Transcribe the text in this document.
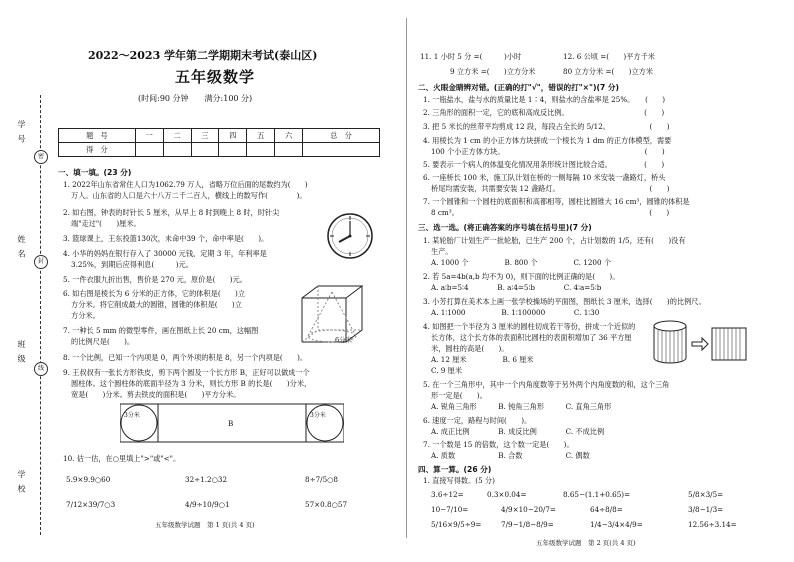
学 号
姓 名
班 级
学 校
密
封
线
2022～2023 学年第二学期期末考试(泰山区)
五年级数学
(时间:90 分钟　　满分:100 分)
题　号	一	二	三	四	五	六	总　分
得　分							
一、填一填。(23 分)
1. 2022年山东省常住人口为1062.79 万人，省略万位后面的尾数约为(　　)
万人。山东省的人口是六十八万二千二百人，横线上的数写作(　　　　)。
2. 如右图，钟表的时针长 5 厘米，从早上 8 时到晚上 8 时，时针尖
端"走过"(　　)厘米。
3. 篮球课上，王东投篮130次，未命中39 个，命中率是(　　)。
4. 小华的妈妈在银行存入了 30000 元钱，定期 3 年，年利率是
3.25%，到期后应得利息(　　　)元。
5. 一件衣服九折出售，售价是 270 元，原价是(　　)元。
6. 如右图是棱长为 6 分米的正方体，它的体积是(　　)立
方分米。将它削成最大的圆锥，圆锥的体积是(　　)立
方分米。
7. 一种长 5 mm 的微型零件，画在图纸上长 20 cm，这幅图
的比例尺是(　　)。
8. 一个比例，已知一个内项是 0，两个外项的积是 8，另一个内项是(　　)。
9. 王叔叔有一张长方形铁皮，剪下两个圆及一个长方形 B，正好可以做成一个
圆柱体。这个圆柱体的底面半径为 3 分米，则长方形 B 的长是(　　)分米，
宽是(　　)分米。剪去铁皮的面积是(　　)平方分米。
6分米
3分米	3分米
B
10. 估一估，在○里填上">"或"<"。
5.9×9.9○60	32÷1.2○32	8÷7/5○8
7/12×39/7○3	4/9÷10/9○1	57×0.8○57
五年级数学试题　第 1 页(共 4 页)
11. 1 小时 5 分 =(　　　)小时	12. 6 公顷 =(　　)平方千米
9 立方米 =(　　)立方分米	80 立方分米 =(　　)立方米
二、火眼金睛辨对错。(正确的打"√"，错误的打"×")(7 分)
1. 一瓶盐水，盐与水的质量比是 1∶4，则盐水的含盐率是 25%。　　(　　)
2. 三角形的面积一定，它的底和高成反比例。　　　　　　　　　　　(　　)
3. 把 5 米长的丝带平均剪成 12 段，每段占全长的 5/12。　　　　　　(　　)
4. 用棱长为 1 cm 的小正方体方块拼成一个棱长为 1 dm 的正方体模型，需要
100 个小正方体方块。　　　　　　　　　　　　　　　　　　　　(　　)
5. 要表示一个病人的体温变化情况用条形统计图比较合适。　　　　　(　　)
6. 一座桥长 100 米，施工队计划在桥的一侧每隔 10 米安装一盏路灯，桥头
桥尾均需安装，共需要安装 12 盏路灯。　　　　　　　　　　　　　(　　)
7. 一个圆锥和一个圆柱的底面积和高都相等，圆柱比圆锥大 16 cm³，圆锥的体积是
8 cm³。　　　　　　　　　　　　　　　　　　　　　　　　　　　(　　)
三、选一选。(将正确答案的序号填在括号里)(7 分)
1. 某轮胎厂计划生产一批轮胎，已生产 200 个，占计划数的 1/5，还有(　　)没有
生产。
A. 1000 个　　　　　B. 800 个　　　　　C. 1200 个
2. 若 5a=4b(a,b 均不为 0)，则下面的比例正确的是(　　)。
A. a∶b=5∶4　　　　B. a∶4=5∶b　　　　C. 4∶a=5∶b
3. 小芳打算在美术本上画一张学校操场的平面图，图纸长 3 厘米，选择(　　)的比例尺。
A. 1∶1000　　　　　B. 1∶100000　　　　C. 1∶30
4. 如图把一个半径为 3 厘米的圆柱切成若干等份，拼成一个近似的
长方体，这个长方体的表面积比圆柱的表面积增加了 36 平方厘
米，圆柱的高是(　　)。
A. 12 厘米　　　　　B. 6 厘米
C. 9 厘米
5. 在一个三角形中，其中一个内角度数等于另外两个内角度数的和，这个三角
形一定是(　　)。
A. 锐角三角形　　　B. 钝角三角形　　　C. 直角三角形
6. 速度一定，路程与时间(　　)。
A. 成正比例　　　　B. 成反比例　　　　C. 不成比例
7. 一个数是 15 的倍数，这个数一定是(　　)。
A. 质数　　　　　　B. 合数　　　　　　C. 偶数
四、算一算。(26 分)
1. 直接写得数。(5 分)
3.6÷12=	0.3×0.04=	8.65−(1.1+0.65)=	5/8×3/5=
10−7/10=	4/9×10−20/7=	64÷8/8=	3/8−1/3=
5/16×9/5÷9=	7/9−1/8−8/9=	1/4−3/4×4/9=	12.56÷3.14=
五年级数学试题　第 2 页(共 4 页)
